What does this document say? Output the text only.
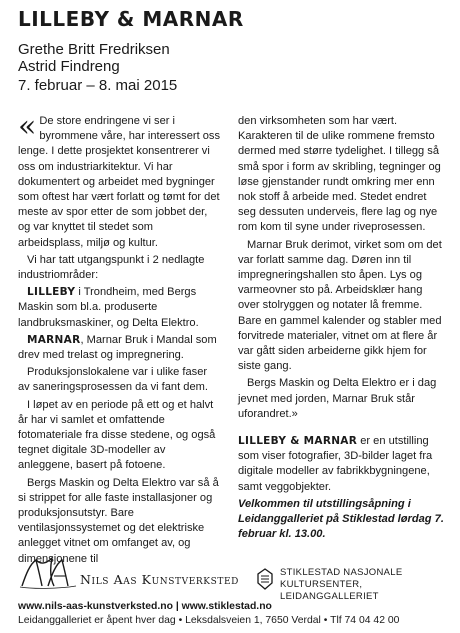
LILLEBY & MARNAR
Grethe Britt Fredriksen
Astrid Findreng
7. februar – 8. mai 2015

« De store endringene vi ser i byrommene våre, har interessert oss lenge. I dette prosjektet konsentrerer vi oss om industriarkitektur. Vi har dokumentert og arbeidet med bygninger som oftest har vært forlatt og tømt for det meste av spor etter de som jobbet der, og var knyttet til stedet som arbeidsplass, miljø og kultur.

Vi har tatt utgangspunkt i 2 nedlagte industriområder:

LILLEBY i Trondheim, med Bergs Maskin som bl.a. produserte landbruksmaskiner, og Delta Elektro.

MARNAR, Marnar Bruk i Mandal som drev med trelast og impregnering.

Produksjonslokalene var i ulike faser av saneringsprosessen da vi fant dem.

I løpet av en periode på ett og et halvt år har vi samlet et omfattende fotomateriale fra disse stedene, og også tegnet digitale 3D-modeller av anleggene, basert på fotoene.

Bergs Maskin og Delta Elektro var så å si strippet for alle faste installasjoner og produksjonsutstyr. Bare ventilasjonssystemet og det elektriske anlegget vitnet om omfanget av, og dimensjonene til

den virksomheten som har vært. Karakteren til de ulike rommene fremsto dermed med større tydelighet. I tillegg så små spor i form av skribling, tegninger og løse gjenstander rundt omkring mer enn nok stoff å arbeide med. Stedet endret seg dessuten underveis, flere lag og nye rom kom til syne under riveprosessen.

Marnar Bruk derimot, virket som om det var forlatt samme dag. Døren inn til impregneringshallen sto åpen. Lys og varmeovner sto på. Arbeidsklær hang over stolryggen og notater lå fremme. Bare en gammel kalender og stabler med forvitrede materialer, vitnet om at flere år var gått siden arbeiderne gikk hjem for siste gang.

Bergs Maskin og Delta Elektro er i dag jevnet med jorden, Marnar Bruk står uforandret.»

LILLEBY & MARNAR er en utstilling som viser fotografier, 3D-bilder laget fra digitale modeller av fabrikkbygningene, samt veggobjekter.

Velkommen til utstillingsåpning i Leidanggalleriet på Stiklestad lørdag 7. februar kl. 13.00.

Nils Aas Kunstverksted	STIKLESTAD NASJONALE KULTURSENTER,
LEIDANGGALLERIET
www.nils-aas-kunstverksted.no | www.stiklestad.no
Leidanggalleriet er åpent hver dag • Leksdalsveien 1, 7650 Verdal • Tlf 74 04 42 00
